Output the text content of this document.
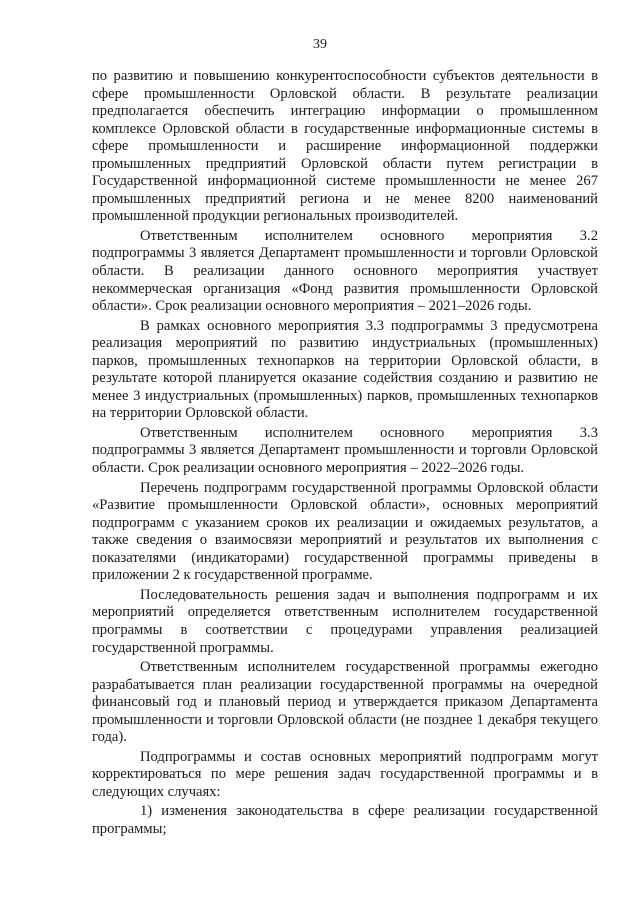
39

по развитию и повышению конкурентоспособности субъектов деятельности в сфере промышленности Орловской области. В результате реализации предполагается обеспечить интеграцию информации о промышленном комплексе Орловской области в государственные информационные системы в сфере промышленности и расширение информационной поддержки промышленных предприятий Орловской области путем регистрации в Государственной информационной системе промышленности не менее 267 промышленных предприятий региона и не менее 8200 наименований промышленной продукции региональных производителей.

Ответственным исполнителем основного мероприятия 3.2 подпрограммы 3 является Департамент промышленности и торговли Орловской области. В реализации данного основного мероприятия участвует некоммерческая организация «Фонд развития промышленности Орловской области». Срок реализации основного мероприятия – 2021–2026 годы.

В рамках основного мероприятия 3.3 подпрограммы 3 предусмотрена реализация мероприятий по развитию индустриальных (промышленных) парков, промышленных технопарков на территории Орловской области, в результате которой планируется оказание содействия созданию и развитию не менее 3 индустриальных (промышленных) парков, промышленных технопарков на территории Орловской области.

Ответственным исполнителем основного мероприятия 3.3 подпрограммы 3 является Департамент промышленности и торговли Орловской области. Срок реализации основного мероприятия – 2022–2026 годы.

Перечень подпрограмм государственной программы Орловской области «Развитие промышленности Орловской области», основных мероприятий подпрограмм с указанием сроков их реализации и ожидаемых результатов, а также сведения о взаимосвязи мероприятий и результатов их выполнения с показателями (индикаторами) государственной программы приведены в приложении 2 к государственной программе.

Последовательность решения задач и выполнения подпрограмм и их мероприятий определяется ответственным исполнителем государственной программы в соответствии с процедурами управления реализацией государственной программы.

Ответственным исполнителем государственной программы ежегодно разрабатывается план реализации государственной программы на очередной финансовый год и плановый период и утверждается приказом Департамента промышленности и торговли Орловской области (не позднее 1 декабря текущего года).

Подпрограммы и состав основных мероприятий подпрограмм могут корректироваться по мере решения задач государственной программы и в следующих случаях:

1) изменения законодательства в сфере реализации государственной программы;
